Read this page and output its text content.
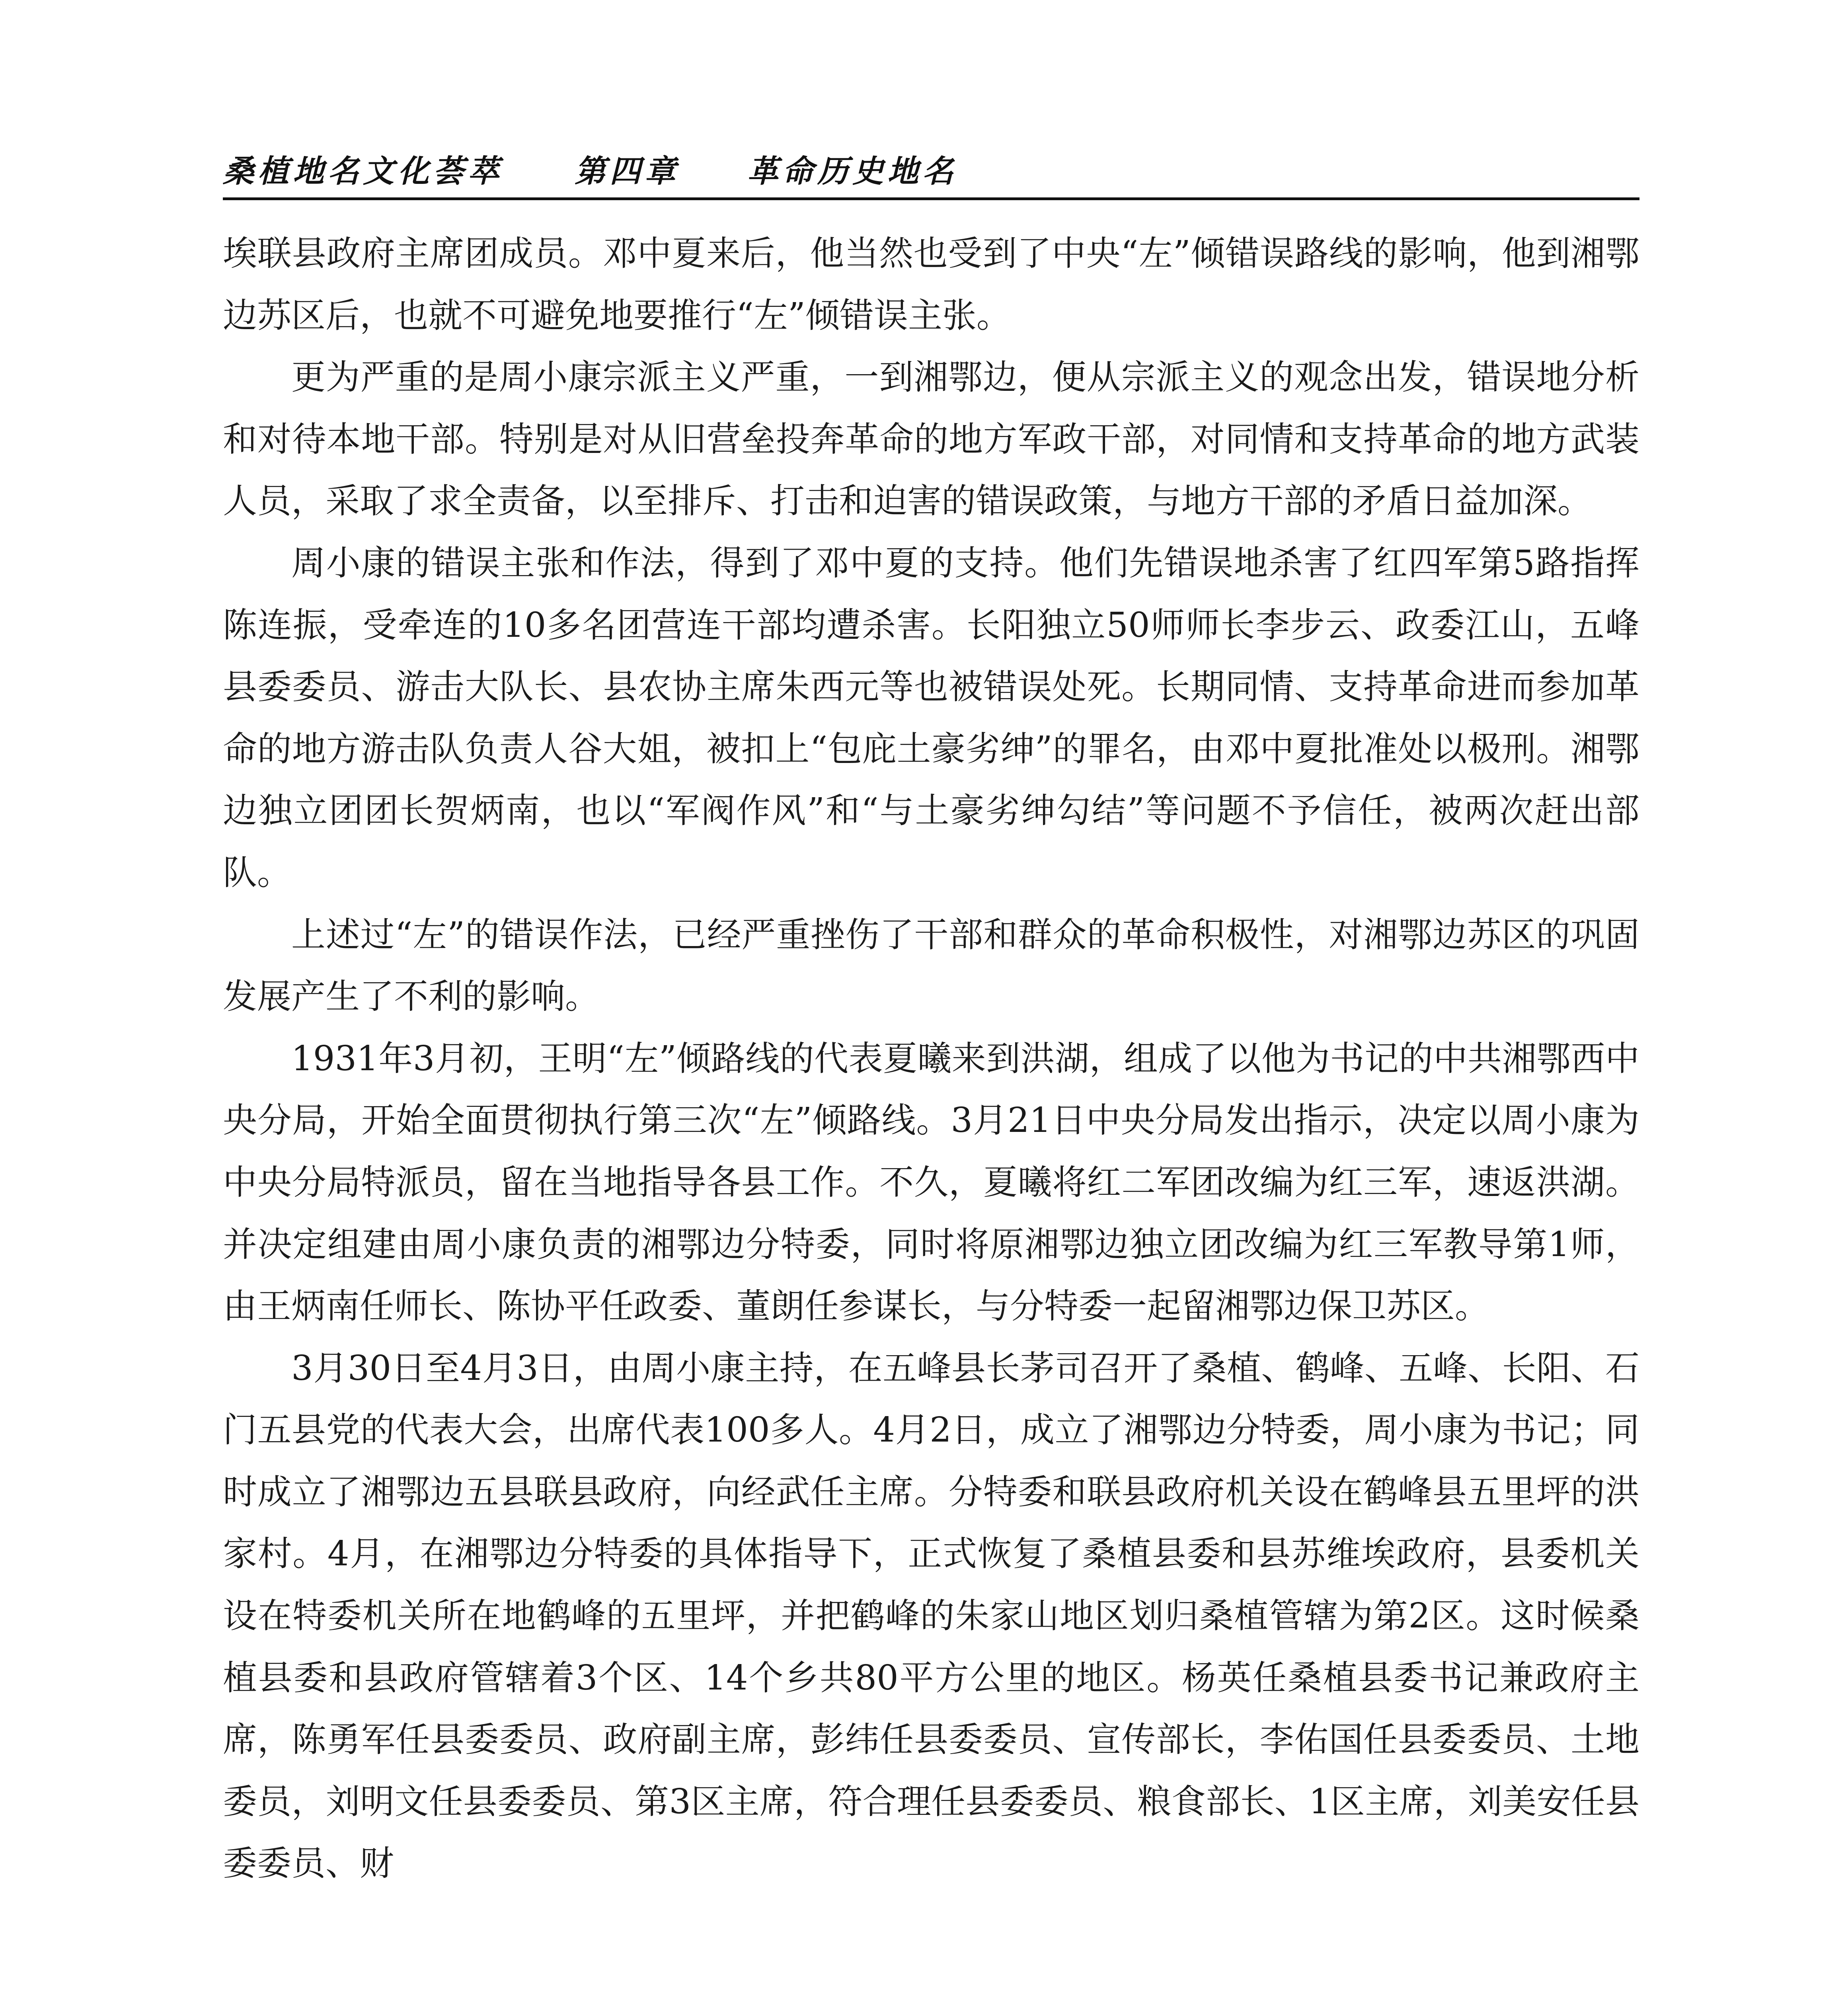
桑植地名文化荟萃 第四章 革命历史地名

埃联县政府主席团成员。邓中夏来后，他当然也受到了中央“左”倾错误路线的影响，他到湘鄂边苏区后，也就不可避免地要推行“左”倾错误主张。

更为严重的是周小康宗派主义严重，一到湘鄂边，便从宗派主义的观念出发，错误地分析和对待本地干部。特别是对从旧营垒投奔革命的地方军政干部，对同情和支持革命的地方武装人员，采取了求全责备，以至排斥、打击和迫害的错误政策，与地方干部的矛盾日益加深。

周小康的错误主张和作法，得到了邓中夏的支持。他们先错误地杀害了红四军第5路指挥陈连振，受牵连的10多名团营连干部均遭杀害。长阳独立50师师长李步云、政委江山，五峰县委委员、游击大队长、县农协主席朱西元等也被错误处死。长期同情、支持革命进而参加革命的地方游击队负责人谷大姐，被扣上“包庇土豪劣绅”的罪名，由邓中夏批准处以极刑。湘鄂边独立团团长贺炳南，也以“军阀作风”和“与土豪劣绅勾结”等问题不予信任，被两次赶出部队。

上述过“左”的错误作法，已经严重挫伤了干部和群众的革命积极性，对湘鄂边苏区的巩固发展产生了不利的影响。

1931年3月初，王明“左”倾路线的代表夏曦来到洪湖，组成了以他为书记的中共湘鄂西中央分局，开始全面贯彻执行第三次“左”倾路线。3月21日中央分局发出指示，决定以周小康为中央分局特派员，留在当地指导各县工作。不久，夏曦将红二军团改编为红三军，速返洪湖。并决定组建由周小康负责的湘鄂边分特委，同时将原湘鄂边独立团改编为红三军教导第1师，由王炳南任师长、陈协平任政委、董朗任参谋长，与分特委一起留湘鄂边保卫苏区。

3月30日至4月3日，由周小康主持，在五峰县长茅司召开了桑植、鹤峰、五峰、长阳、石门五县党的代表大会，出席代表100多人。4月2日，成立了湘鄂边分特委，周小康为书记；同时成立了湘鄂边五县联县政府，向经武任主席。分特委和联县政府机关设在鹤峰县五里坪的洪家村。4月，在湘鄂边分特委的具体指导下，正式恢复了桑植县委和县苏维埃政府，县委机关设在特委机关所在地鹤峰的五里坪，并把鹤峰的朱家山地区划归桑植管辖为第2区。这时候桑植县委和县政府管辖着3个区、14个乡共80平方公里的地区。杨英任桑植县委书记兼政府主席，陈勇军任县委委员、政府副主席，彭纬任县委委员、宣传部长，李佑国任县委委员、土地委员，刘明文任县委委员、第3区主席，符合理任县委委员、粮食部长、1区主席，刘美安任县委委员、财
